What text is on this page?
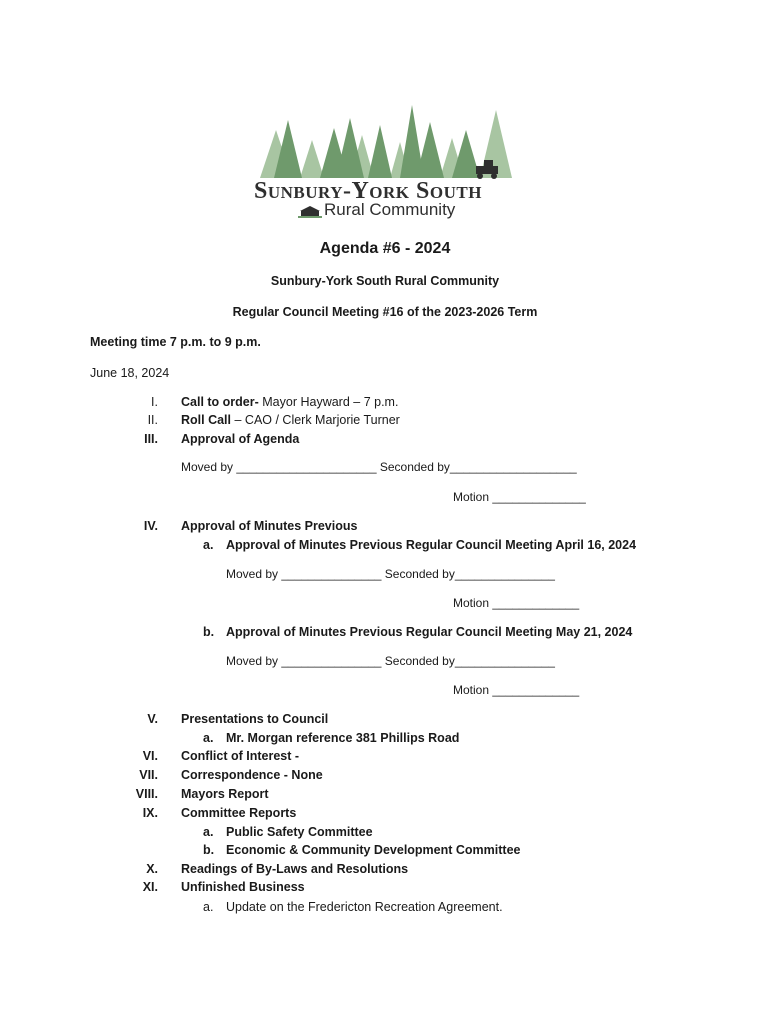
Sunbury-York South
Rural Community
Agenda #6 - 2024
Sunbury-York South Rural Community
Regular Council Meeting #16 of the 2023-2026 Term
Meeting time 7 p.m. to 9 p.m.
June 18, 2024
I. Call to order- Mayor Hayward – 7 p.m.
II. Roll Call – CAO / Clerk Marjorie Turner
III. Approval of Agenda
Moved by _____________________ Seconded by___________________
Motion ______________
IV. Approval of Minutes Previous
a. Approval of Minutes Previous Regular Council Meeting April 16, 2024
Moved by _______________ Seconded by_______________
Motion _____________
b. Approval of Minutes Previous Regular Council Meeting May 21, 2024
Moved by _______________ Seconded by_______________
Motion _____________
V. Presentations to Council
a. Mr. Morgan reference 381 Phillips Road
VI. Conflict of Interest -
VII. Correspondence - None
VIII. Mayors Report
IX. Committee Reports
a. Public Safety Committee
b. Economic & Community Development Committee
X. Readings of By-Laws and Resolutions
XI. Unfinished Business
a. Update on the Fredericton Recreation Agreement.
